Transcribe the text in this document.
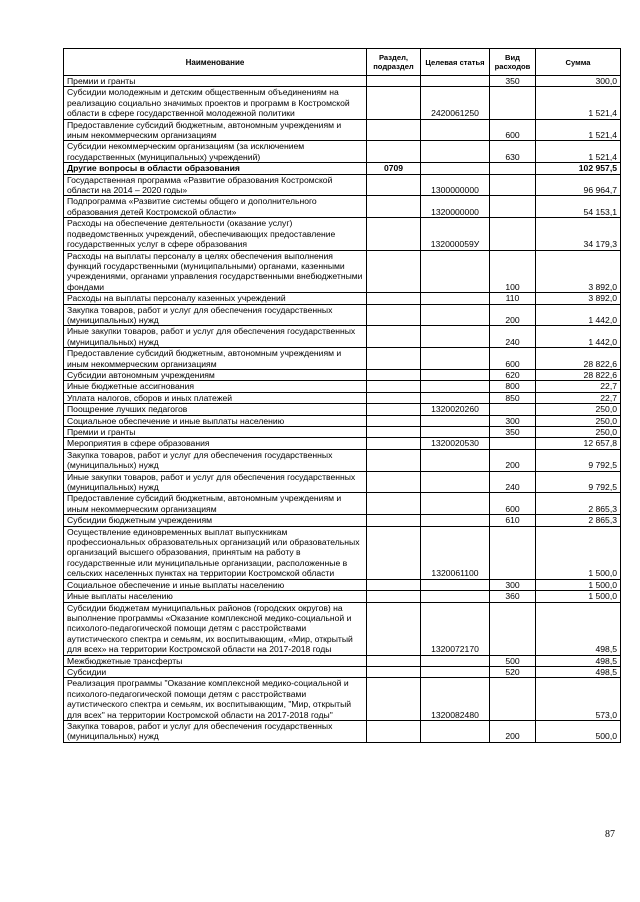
Наименование	Раздел, подраздел	Целевая статья	Вид расходов	Сумма
Премии и гранты			350	300,0
Субсидии молодежным и детским общественным объединениям на реализацию социально значимых проектов и программ в Костромской области в сфере государственной молодежной политики		2420061250		1 521,4
Предоставление субсидий бюджетным, автономным учреждениям и иным некоммерческим организациям			600	1 521,4
Субсидии некоммерческим организациям (за исключением государственных (муниципальных) учреждений)			630	1 521,4
Другие вопросы в области образования	0709			102 957,5
Государственная программа «Развитие образования Костромской области на 2014 – 2020 годы»		1300000000		96 964,7
Подпрограмма «Развитие системы общего и дополнительного образования детей Костромской области»		1320000000		54 153,1
Расходы на обеспечение деятельности (оказание услуг) подведомственных учреждений, обеспечивающих предоставление государственных услуг в сфере образования		132000059У		34 179,3
Расходы на выплаты персоналу в целях обеспечения выполнения функций государственными (муниципальными) органами, казенными учреждениями, органами управления государственными внебюджетными фондами			100	3 892,0
Расходы на выплаты персоналу казенных учреждений			110	3 892,0
Закупка товаров, работ и услуг для обеспечения государственных (муниципальных) нужд			200	1 442,0
Иные закупки товаров, работ и услуг для обеспечения государственных (муниципальных) нужд			240	1 442,0
Предоставление субсидий бюджетным, автономным учреждениям и иным некоммерческим организациям			600	28 822,6
Субсидии автономным учреждениям			620	28 822,6
Иные бюджетные ассигнования			800	22,7
Уплата налогов, сборов и иных платежей			850	22,7
Поощрение лучших педагогов		1320020260		250,0
Социальное обеспечение и иные выплаты населению			300	250,0
Премии и гранты			350	250,0
Мероприятия в сфере образования		1320020530		12 657,8
Закупка товаров, работ и услуг для обеспечения государственных (муниципальных) нужд			200	9 792,5
Иные закупки товаров, работ и услуг для обеспечения государственных (муниципальных) нужд			240	9 792,5
Предоставление субсидий бюджетным, автономным учреждениям и иным некоммерческим организациям			600	2 865,3
Субсидии бюджетным учреждениям			610	2 865,3
Осуществление единовременных выплат выпускникам профессиональных образовательных организаций или образовательных организаций высшего образования, принятым на работу в государственные или муниципальные организации, расположенные в сельских населенных пунктах на территории Костромской области		1320061100		1 500,0
Социальное обеспечение и иные выплаты населению			300	1 500,0
Иные выплаты населению			360	1 500,0
Субсидии бюджетам муниципальных районов (городских округов) на выполнение программы «Оказание комплексной медико-социальной и психолого-педагогической помощи детям с расстройствами аутистического спектра и семьям, их воспитывающим, «Мир, открытый для всех» на территории Костромской области на 2017-2018 годы		1320072170		498,5
Межбюджетные трансферты			500	498,5
Субсидии			520	498,5
Реализация программы "Оказание комплексной медико-социальной и психолого-педагогической помощи детям с расстройствами аутистического спектра и семьям, их воспитывающим, "Мир, открытый для всех" на территории Костромской области на 2017-2018 годы"		1320082480		573,0
Закупка товаров, работ и услуг для обеспечения государственных (муниципальных) нужд			200	500,0
87
